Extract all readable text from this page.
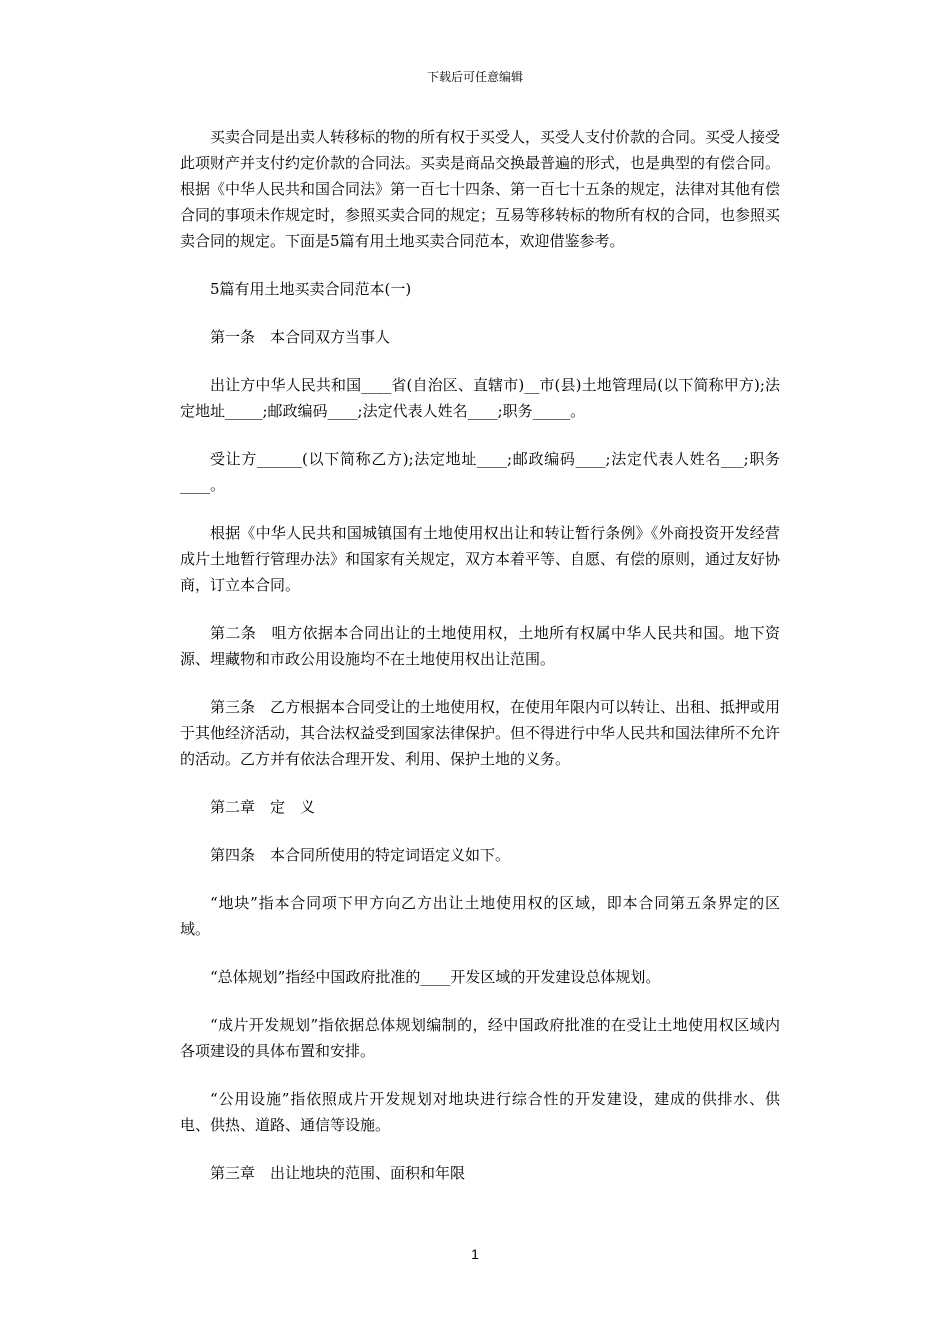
下载后可任意编辑

买卖合同是出卖人转移标的物的所有权于买受人，买受人支付价款的合同。买受人接受此项财产并支付约定价款的合同法。买卖是商品交换最普遍的形式，也是典型的有偿合同。根据《中华人民共和国合同法》第一百七十四条、第一百七十五条的规定，法律对其他有偿合同的事项未作规定时，参照买卖合同的规定；互易等移转标的物所有权的合同，也参照买卖合同的规定。下面是5篇有用土地买卖合同范本，欢迎借鉴参考。

5篇有用土地买卖合同范本(一)

第一条　本合同双方当事人

出让方中华人民共和国____省(自治区、直辖市)__市(县)土地管理局(以下简称甲方);法定地址_____;邮政编码____;法定代表人姓名____;职务_____。

受让方______(以下简称乙方);法定地址____;邮政编码____;法定代表人姓名___;职务____。

根据《中华人民共和国城镇国有土地使用权出让和转让暂行条例》《外商投资开发经营成片土地暂行管理办法》和国家有关规定，双方本着平等、自愿、有偿的原则，通过友好协商，订立本合同。

第二条　咀方依据本合同出让的土地使用权，土地所有权属中华人民共和国。地下资源、埋藏物和市政公用设施均不在土地使用权出让范围。

第三条　乙方根据本合同受让的土地使用权，在使用年限内可以转让、出租、抵押或用于其他经济活动，其合法权益受到国家法律保护。但不得进行中华人民共和国法律所不允许的活动。乙方并有依法合理开发、利用、保护土地的义务。

第二章　定　义

第四条　本合同所使用的特定词语定义如下。

“地块”指本合同项下甲方向乙方出让土地使用权的区域，即本合同第五条界定的区域。

“总体规划”指经中国政府批准的____开发区域的开发建设总体规划。

“成片开发规划”指依据总体规划编制的，经中国政府批准的在受让土地使用权区域内各项建设的具体布置和安排。

“公用设施”指依照成片开发规划对地块进行综合性的开发建设，建成的供排水、供电、供热、道路、通信等设施。

第三章　出让地块的范围、面积和年限

1
